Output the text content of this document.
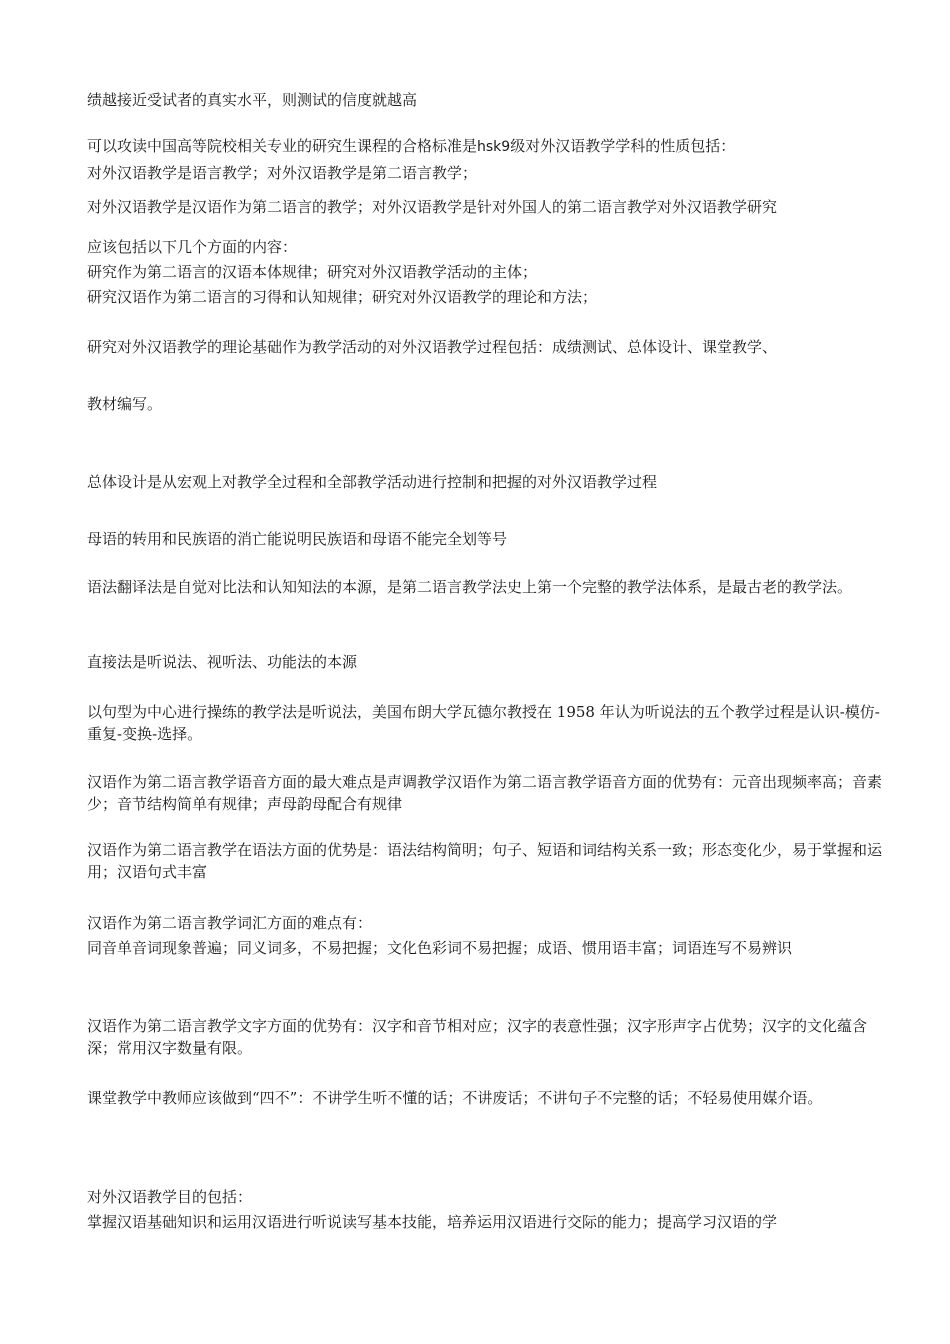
绩越接近受试者的真实水平，则测试的信度就越高

可以攻读中国高等院校相关专业的研究生课程的合格标准是hsk9级对外汉语教学学科的性质包括：

对外汉语教学是语言教学；对外汉语教学是第二语言教学；

对外汉语教学是汉语作为第二语言的教学；对外汉语教学是针对外国人的第二语言教学对外汉语教学研究

应该包括以下几个方面的内容：

研究作为第二语言的汉语本体规律；研究对外汉语教学活动的主体；

研究汉语作为第二语言的习得和认知规律；研究对外汉语教学的理论和方法；

研究对外汉语教学的理论基础作为教学活动的对外汉语教学过程包括：成绩测试、总体设计、课堂教学、

教材编写。

总体设计是从宏观上对教学全过程和全部教学活动进行控制和把握的对外汉语教学过程

母语的转用和民族语的消亡能说明民族语和母语不能完全划等号

语法翻译法是自觉对比法和认知知法的本源，是第二语言教学法史上第一个完整的教学法体系，是最古老的教学法。

直接法是听说法、视听法、功能法的本源

以句型为中心进行操练的教学法是听说法，美国布朗大学瓦德尔教授在 1958 年认为听说法的五个教学过程是认识-模仿-重复-变换-选择。

汉语作为第二语言教学语音方面的最大难点是声调教学汉语作为第二语言教学语音方面的优势有：元音出现频率高；音素少；音节结构简单有规律；声母韵母配合有规律

汉语作为第二语言教学在语法方面的优势是：语法结构简明；句子、短语和词结构关系一致；形态变化少，易于掌握和运用；汉语句式丰富

汉语作为第二语言教学词汇方面的难点有：

同音单音词现象普遍；同义词多，不易把握；文化色彩词不易把握；成语、惯用语丰富；词语连写不易辨识

汉语作为第二语言教学文字方面的优势有：汉字和音节相对应；汉字的表意性强；汉字形声字占优势；汉字的文化蕴含深；常用汉字数量有限。

课堂教学中教师应该做到“四不”：不讲学生听不懂的话；不讲废话；不讲句子不完整的话；不轻易使用媒介语。

对外汉语教学目的包括：

掌握汉语基础知识和运用汉语进行听说读写基本技能，培养运用汉语进行交际的能力；提高学习汉语的学
